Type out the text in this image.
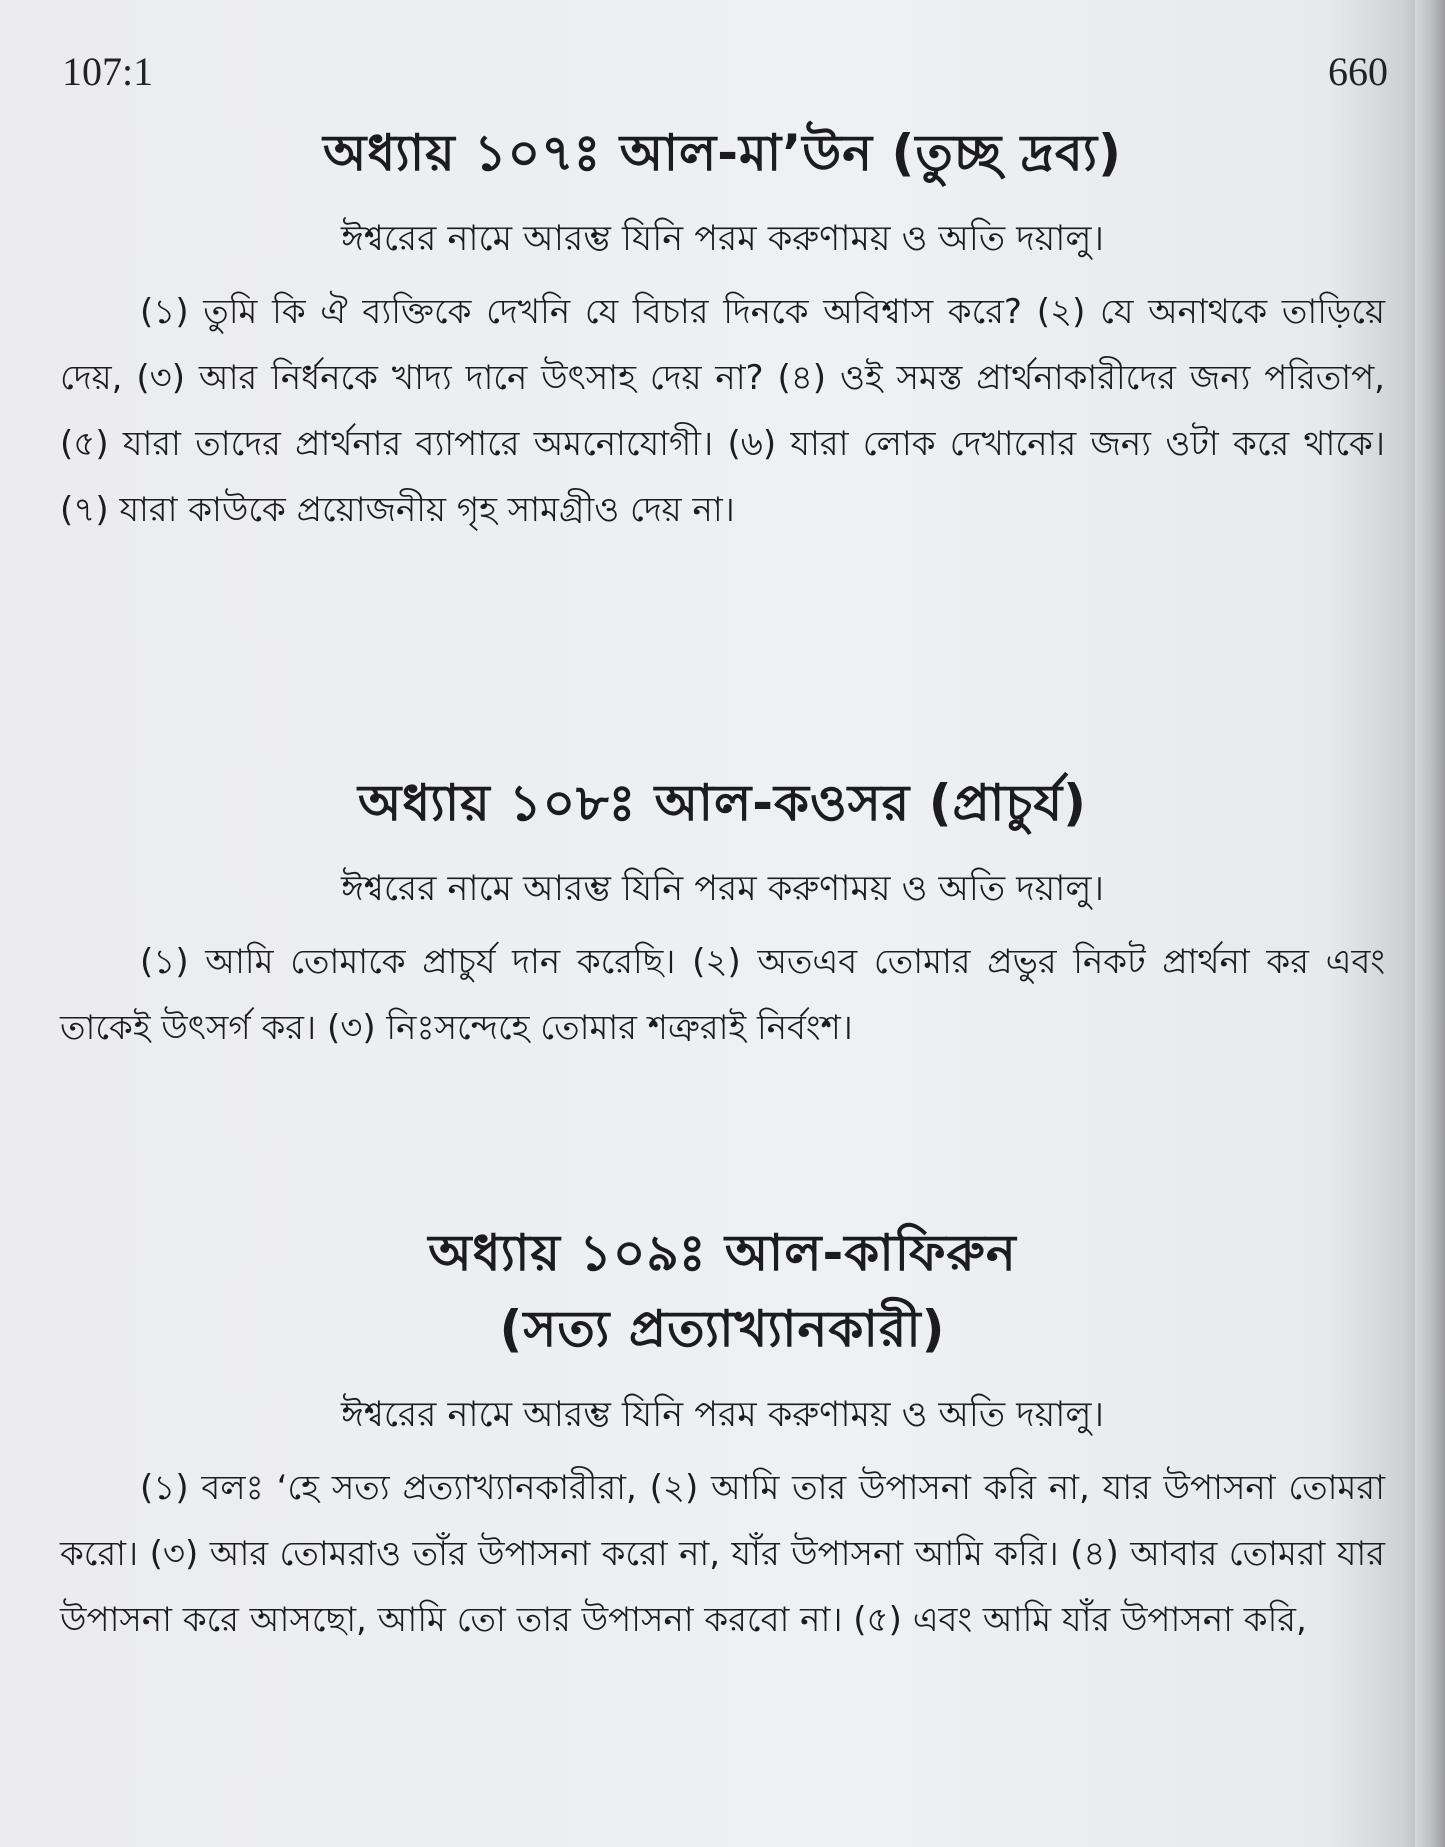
107:1	660
অধ্যায় ১০৭ঃ আল-মা’উন (তুচ্ছ দ্রব্য)

ঈশ্বরের নামে আরম্ভ যিনি পরম করুণাময় ও অতি দয়ালু।

(১) তুমি কি ঐ ব্যক্তিকে দেখনি যে বিচার দিনকে অবিশ্বাস করে? (২) যে অনাথকে তাড়িয়ে দেয়, (৩) আর নির্ধনকে খাদ্য দানে উৎসাহ দেয় না? (৪) ওই সমস্ত প্রার্থনাকারীদের জন্য পরিতাপ, (৫) যারা তাদের প্রার্থনার ব্যাপারে অমনোযোগী। (৬) যারা লোক দেখানোর জন্য ওটা করে থাকে। (৭) যারা কাউকে প্রয়োজনীয় গৃহ সামগ্রীও দেয় না।

অধ্যায় ১০৮ঃ আল-কওসর (প্রাচুর্য)

ঈশ্বরের নামে আরম্ভ যিনি পরম করুণাময় ও অতি দয়ালু।

(১) আমি তোমাকে প্রাচুর্য দান করেছি। (২) অতএব তোমার প্রভুর নিকট প্রার্থনা কর এবং তাকেই উৎসর্গ কর। (৩) নিঃসন্দেহে তোমার শত্রুরাই নির্বংশ।

অধ্যায় ১০৯ঃ আল-কাফিরুন
(সত্য প্রত্যাখ্যানকারী)

ঈশ্বরের নামে আরম্ভ যিনি পরম করুণাময় ও অতি দয়ালু।

(১) বলঃ ‘হে সত্য প্রত্যাখ্যানকারীরা, (২) আমি তার উপাসনা করি না, যার উপাসনা তোমরা করো। (৩) আর তোমরাও তাঁর উপাসনা করো না, যাঁর উপাসনা আমি করি। (৪) আবার তোমরা যার উপাসনা করে আসছো, আমি তো তার উপাসনা করবো না। (৫) এবং আমি যাঁর উপাসনা করি,
